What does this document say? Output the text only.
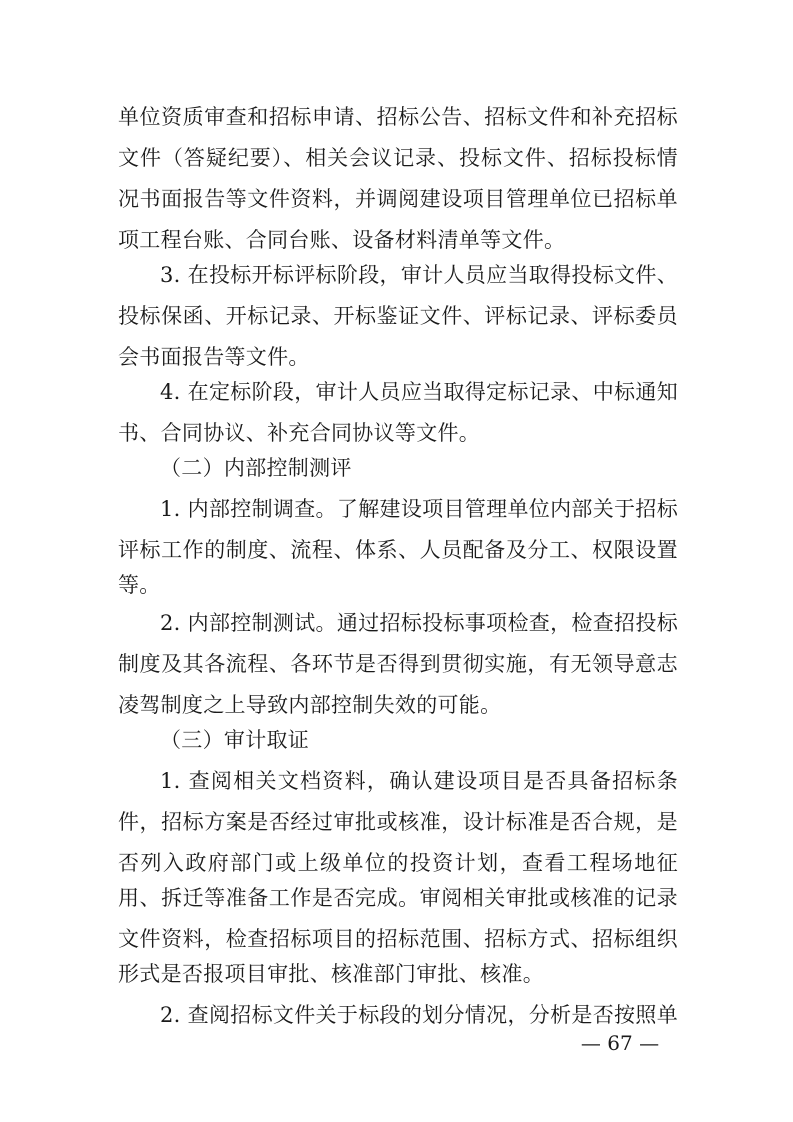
单位资质审查和招标申请、招标公告、招标文件和补充招标
文件（答疑纪要）、相关会议记录、投标文件、招标投标情
况书面报告等文件资料，并调阅建设项目管理单位已招标单
项工程台账、合同台账、设备材料清单等文件。
3. 在投标开标评标阶段，审计人员应当取得投标文件、
投标保函、开标记录、开标鉴证文件、评标记录、评标委员
会书面报告等文件。
4. 在定标阶段，审计人员应当取得定标记录、中标通知
书、合同协议、补充合同协议等文件。
（二）内部控制测评
1. 内部控制调查。了解建设项目管理单位内部关于招标
评标工作的制度、流程、体系、人员配备及分工、权限设置
等。
2. 内部控制测试。通过招标投标事项检查，检查招投标
制度及其各流程、各环节是否得到贯彻实施，有无领导意志
凌驾制度之上导致内部控制失效的可能。
（三）审计取证
1. 查阅相关文档资料，确认建设项目是否具备招标条
件，招标方案是否经过审批或核准，设计标准是否合规，是
否列入政府部门或上级单位的投资计划，查看工程场地征
用、拆迁等准备工作是否完成。审阅相关审批或核准的记录
文件资料，检查招标项目的招标范围、招标方式、招标组织
形式是否报项目审批、核准部门审批、核准。
2. 查阅招标文件关于标段的划分情况，分析是否按照单
— 67 —
